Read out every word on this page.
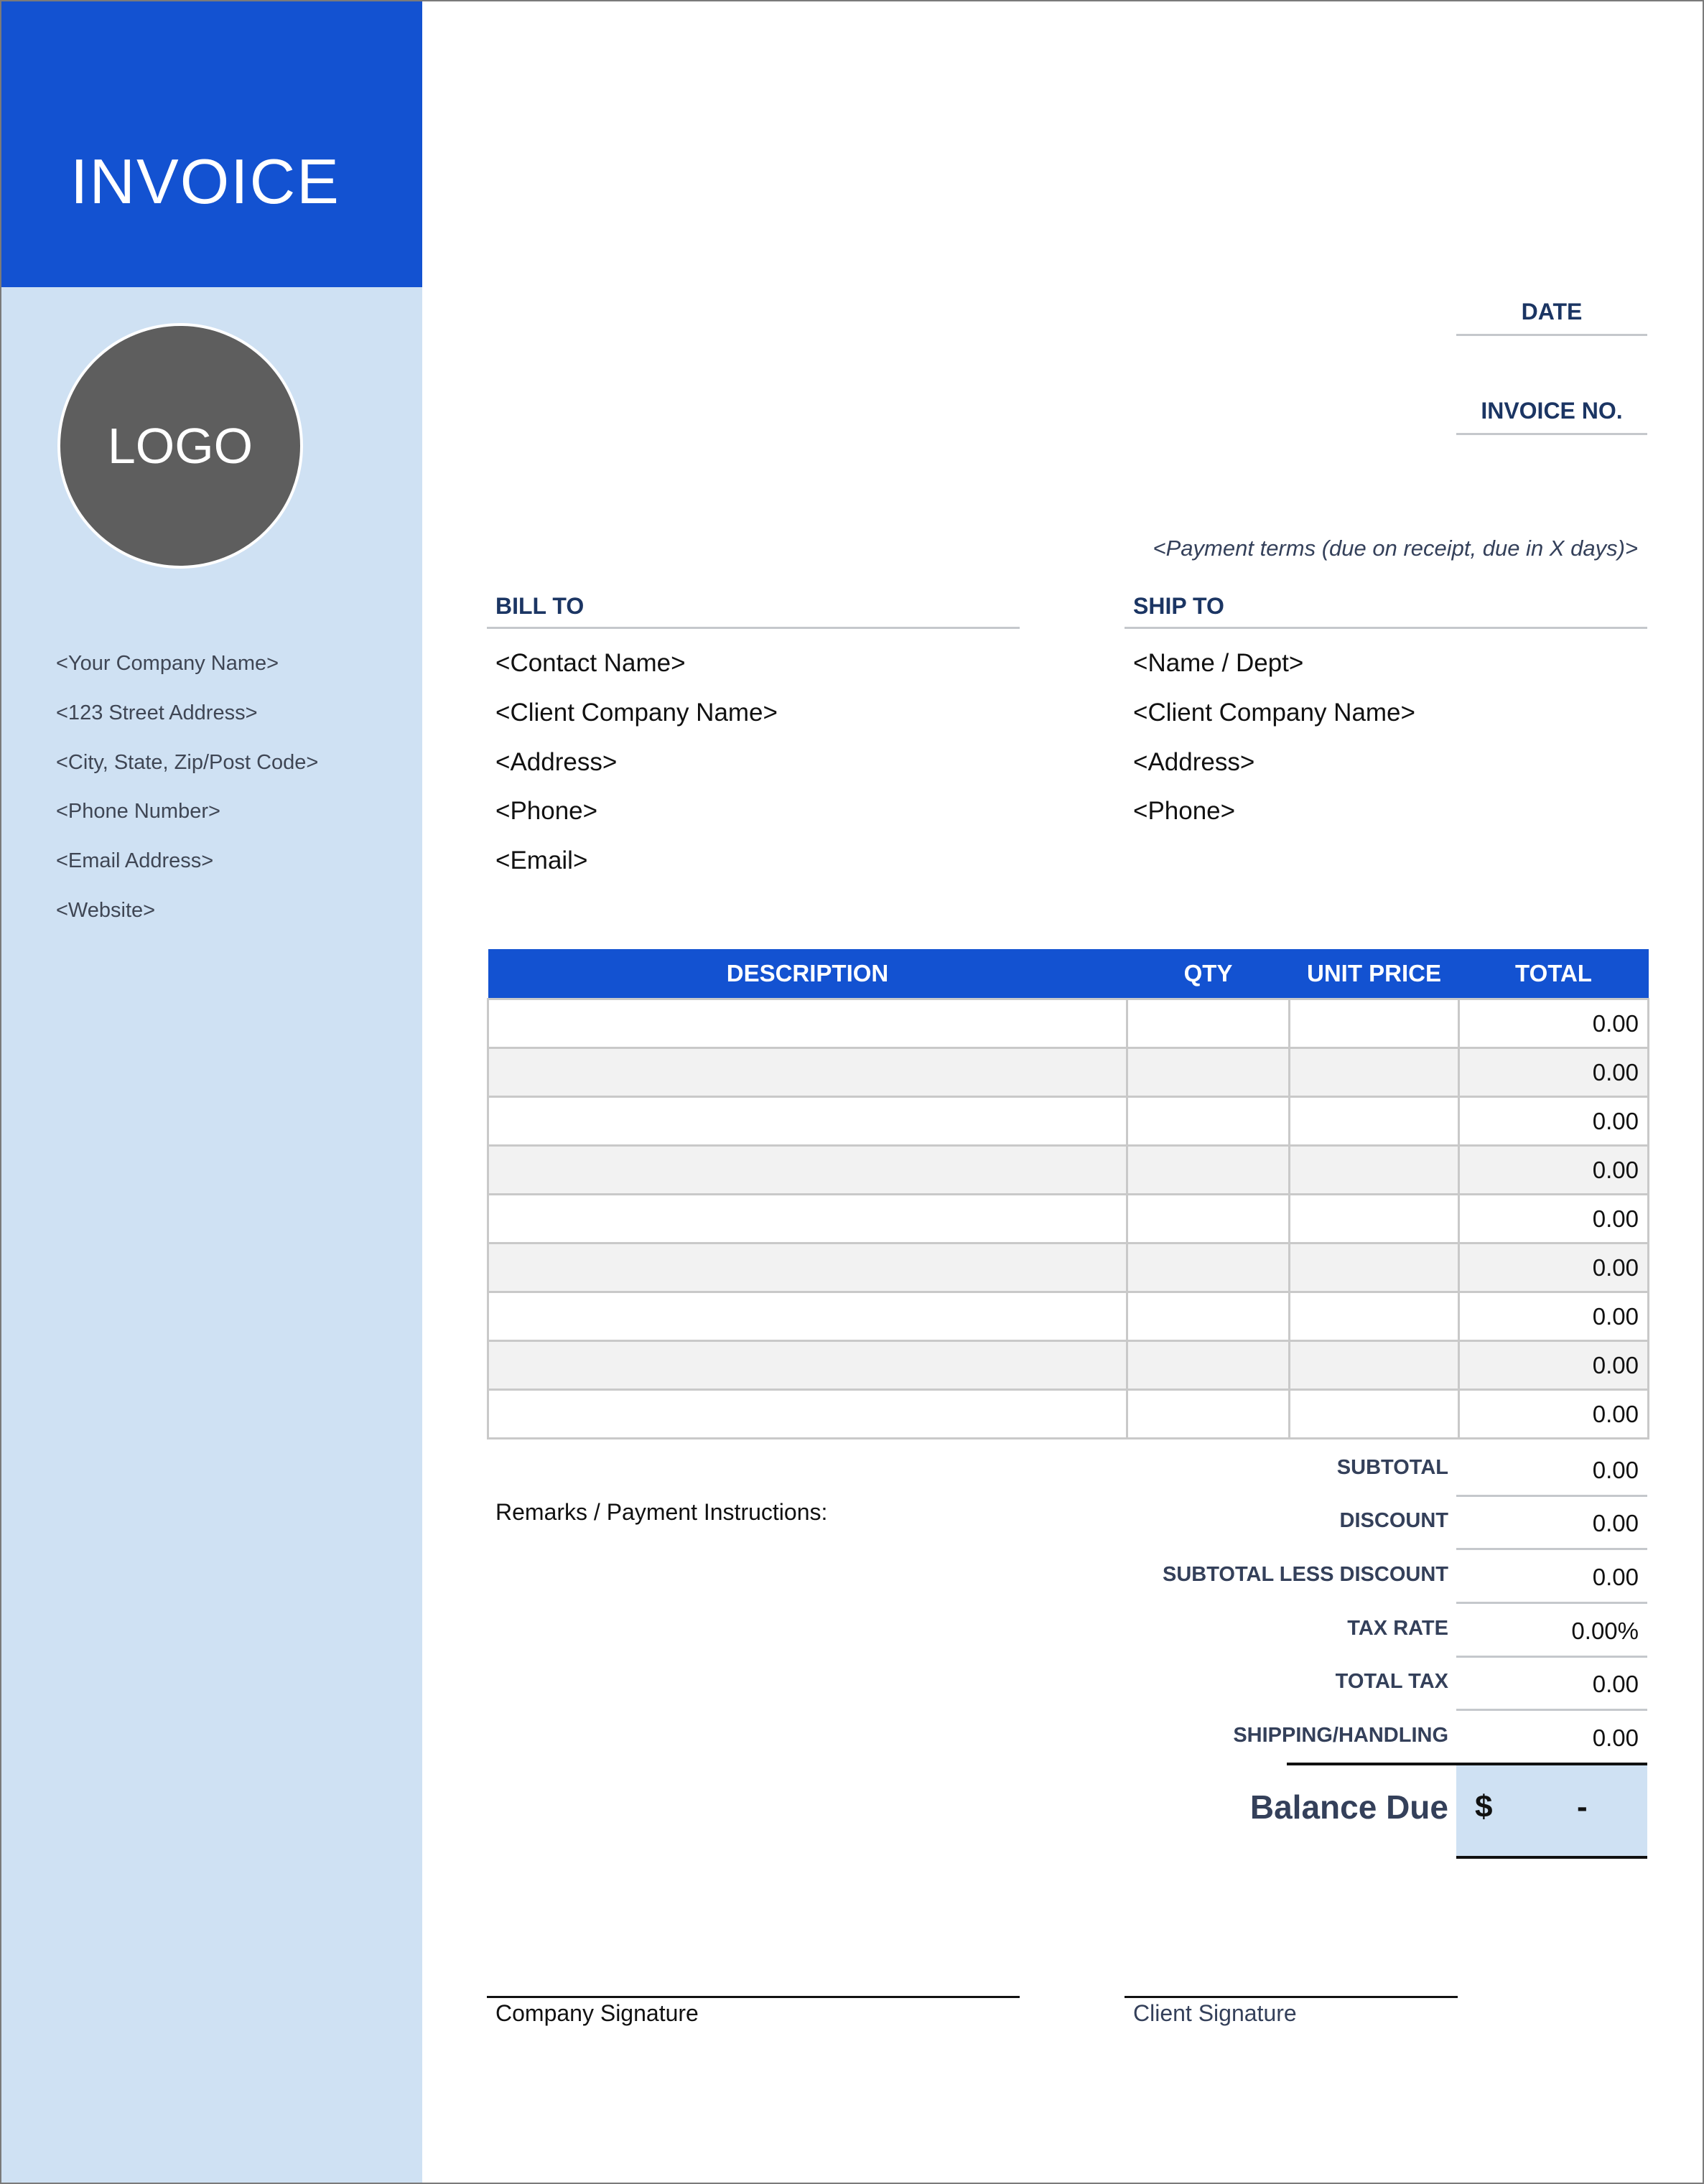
INVOICE
LOGO
<Your Company Name>
<123 Street Address>
<City, State, Zip/Post Code>
<Phone Number>
<Email Address>
<Website>
DATE
INVOICE NO.
<Payment terms (due on receipt, due in X days)>
BILL TO
<Contact Name>
<Client Company Name>
<Address>
<Phone>
<Email>
SHIP TO
<Name / Dept>
<Client Company Name>
<Address>
<Phone>
DESCRIPTION	QTY	UNIT PRICE	TOTAL
			0.00
			0.00
			0.00
			0.00
			0.00
			0.00
			0.00
			0.00
			0.00
Remarks / Payment Instructions:
SUBTOTAL	0.00
DISCOUNT	0.00
SUBTOTAL LESS DISCOUNT	0.00
TAX RATE	0.00%
TOTAL TAX	0.00
SHIPPING/HANDLING	0.00
Balance Due $	-
Company Signature	Client Signature
